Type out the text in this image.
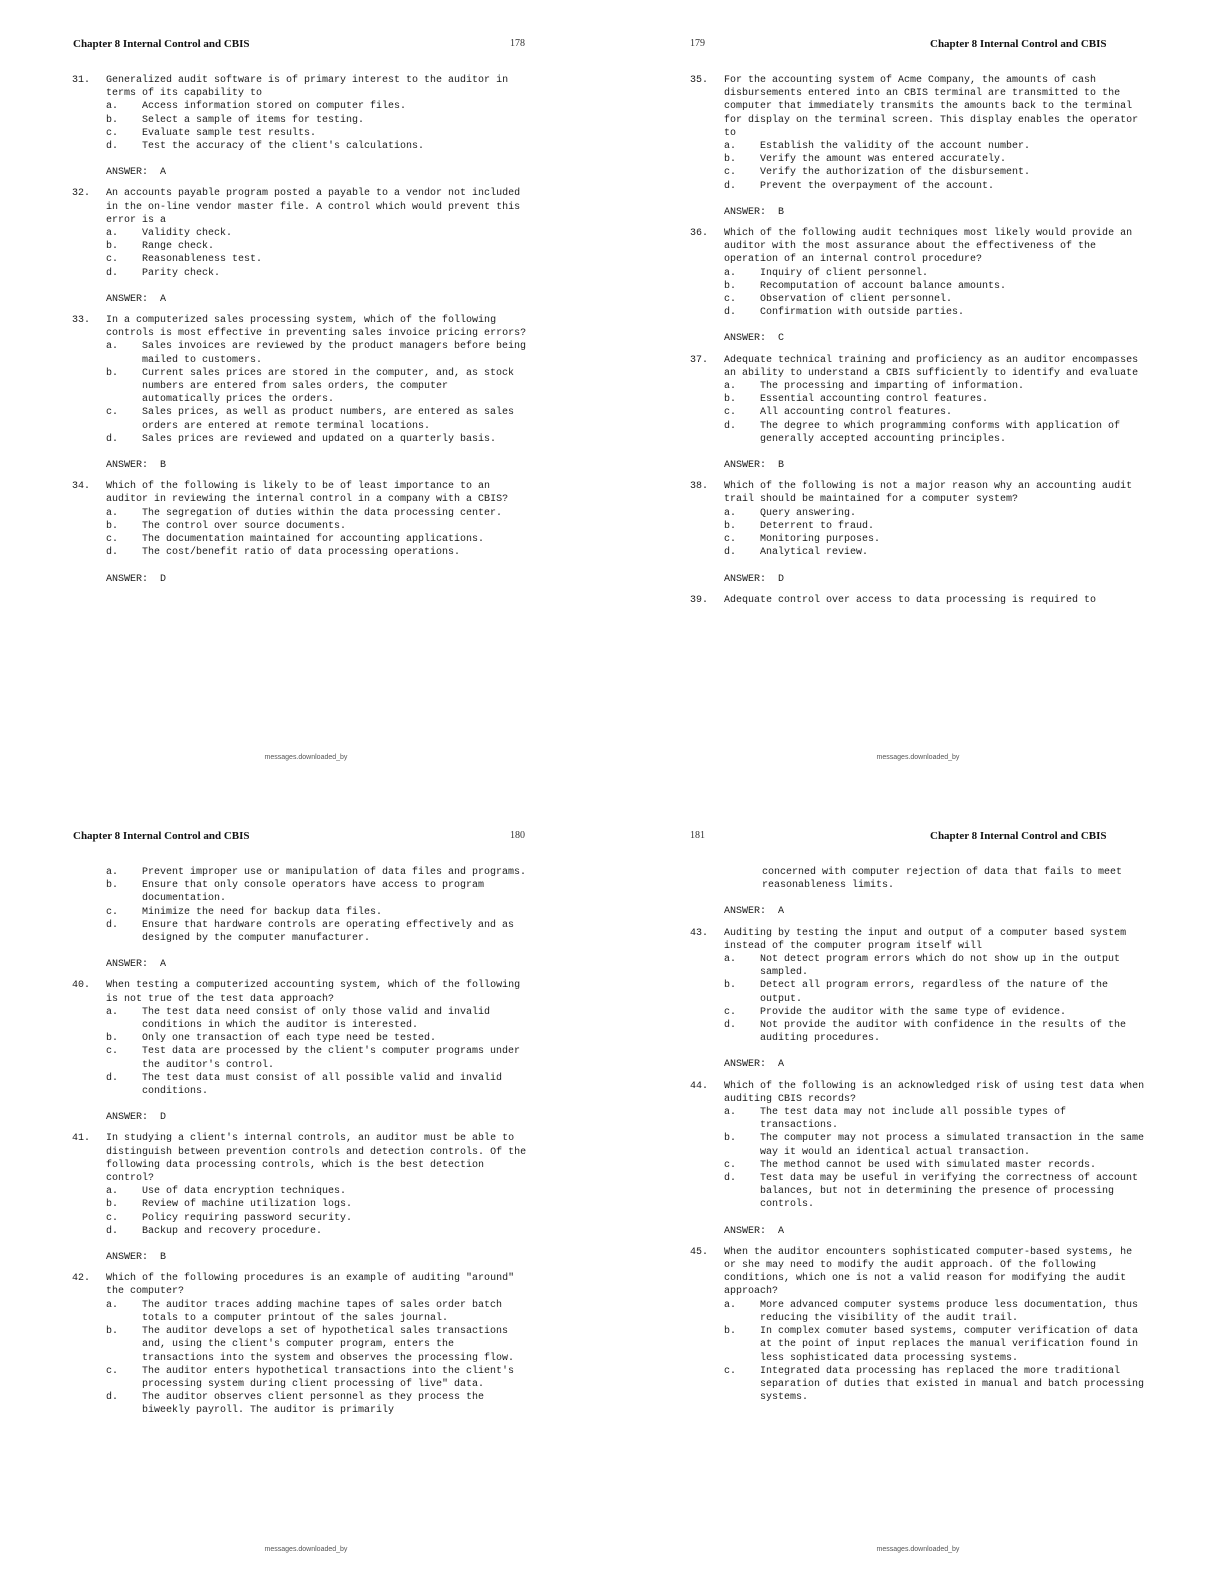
Chapter 8 Internal Control and CBIS	178
31.	Generalized audit software is of primary interest to the auditor in terms of its capability to
a.	Access information stored on computer files.
b.	Select a sample of items for testing.
c.	Evaluate sample test results.
d.	Test the accuracy of the client's calculations.
ANSWER: A
32.	An accounts payable program posted a payable to a vendor not included in the on-line vendor master file. A control which would prevent this error is a
a.	Validity check.
b.	Range check.
c.	Reasonableness test.
d.	Parity check.
ANSWER: A
33.	In a computerized sales processing system, which of the following controls is most effective in preventing sales invoice pricing errors?
a.	Sales invoices are reviewed by the product managers before being mailed to customers.
b.	Current sales prices are stored in the computer, and, as stock numbers are entered from sales orders, the computer automatically prices the orders.
c.	Sales prices, as well as product numbers, are entered as sales orders are entered at remote terminal locations.
d.	Sales prices are reviewed and updated on a quarterly basis.
ANSWER: B
34.	Which of the following is likely to be of least importance to an auditor in reviewing the internal control in a company with a CBIS?
a.	The segregation of duties within the data processing center.
b.	The control over source documents.
c.	The documentation maintained for accounting applications.
d.	The cost/benefit ratio of data processing operations.
ANSWER: D
messages.downloaded_by
179	Chapter 8 Internal Control and CBIS
35.	For the accounting system of Acme Company, the amounts of cash disbursements entered into an CBIS terminal are transmitted to the computer that immediately transmits the amounts back to the terminal for display on the terminal screen. This display enables the operator to
a.	Establish the validity of the account number.
b.	Verify the amount was entered accurately.
c.	Verify the authorization of the disbursement.
d.	Prevent the overpayment of the account.
ANSWER: B
36.	Which of the following audit techniques most likely would provide an auditor with the most assurance about the effectiveness of the operation of an internal control procedure?
a.	Inquiry of client personnel.
b.	Recomputation of account balance amounts.
c.	Observation of client personnel.
d.	Confirmation with outside parties.
ANSWER: C
37.	Adequate technical training and proficiency as an auditor encompasses an ability to understand a CBIS sufficiently to identify and evaluate
a.	The processing and imparting of information.
b.	Essential accounting control features.
c.	All accounting control features.
d.	The degree to which programming conforms with application of generally accepted accounting principles.
ANSWER: B
38.	Which of the following is not a major reason why an accounting audit trail should be maintained for a computer system?
a.	Query answering.
b.	Deterrent to fraud.
c.	Monitoring purposes.
d.	Analytical review.
ANSWER: D
39.	Adequate control over access to data processing is required to
messages.downloaded_by
Chapter 8 Internal Control and CBIS	180
a.	Prevent improper use or manipulation of data files and programs.
b.	Ensure that only console operators have access to program documentation.
c.	Minimize the need for backup data files.
d.	Ensure that hardware controls are operating effectively and as designed by the computer manufacturer.
ANSWER: A
40.	When testing a computerized accounting system, which of the following is not true of the test data approach?
a.	The test data need consist of only those valid and invalid conditions in which the auditor is interested.
b.	Only one transaction of each type need be tested.
c.	Test data are processed by the client's computer programs under the auditor's control.
d.	The test data must consist of all possible valid and invalid conditions.
ANSWER: D
41.	In studying a client's internal controls, an auditor must be able to distinguish between prevention controls and detection controls. Of the following data processing controls, which is the best detection control?
a.	Use of data encryption techniques.
b.	Review of machine utilization logs.
c.	Policy requiring password security.
d.	Backup and recovery procedure.
ANSWER: B
42.	Which of the following procedures is an example of auditing "around" the computer?
a.	The auditor traces adding machine tapes of sales order batch totals to a computer printout of the sales journal.
b.	The auditor develops a set of hypothetical sales transactions and, using the client's computer program, enters the transactions into the system and observes the processing flow.
c.	The auditor enters hypothetical transactions into the client's processing system during client processing of live" data.
d.	The auditor observes client personnel as they process the biweekly payroll. The auditor is primarily
messages.downloaded_by
181	Chapter 8 Internal Control and CBIS
concerned with computer rejection of data that fails to meet reasonableness limits.
ANSWER: A
43.	Auditing by testing the input and output of a computer based system instead of the computer program itself will
a.	Not detect program errors which do not show up in the output sampled.
b.	Detect all program errors, regardless of the nature of the output.
c.	Provide the auditor with the same type of evidence.
d.	Not provide the auditor with confidence in the results of the auditing procedures.
ANSWER: A
44.	Which of the following is an acknowledged risk of using test data when auditing CBIS records?
a.	The test data may not include all possible types of transactions.
b.	The computer may not process a simulated transaction in the same way it would an identical actual transaction.
c.	The method cannot be used with simulated master records.
d.	Test data may be useful in verifying the correctness of account balances, but not in determining the presence of processing controls.
ANSWER: A
45.	When the auditor encounters sophisticated computer-based systems, he or she may need to modify the audit approach. Of the following conditions, which one is not a valid reason for modifying the audit approach?
a.	More advanced computer systems produce less documentation, thus reducing the visibility of the audit trail.
b.	In complex comuter based systems, computer verification of data at the point of input replaces the manual verification found in less sophisticated data processing systems.
c.	Integrated data processing has replaced the more traditional separation of duties that existed in manual and batch processing systems.
messages.downloaded_by
